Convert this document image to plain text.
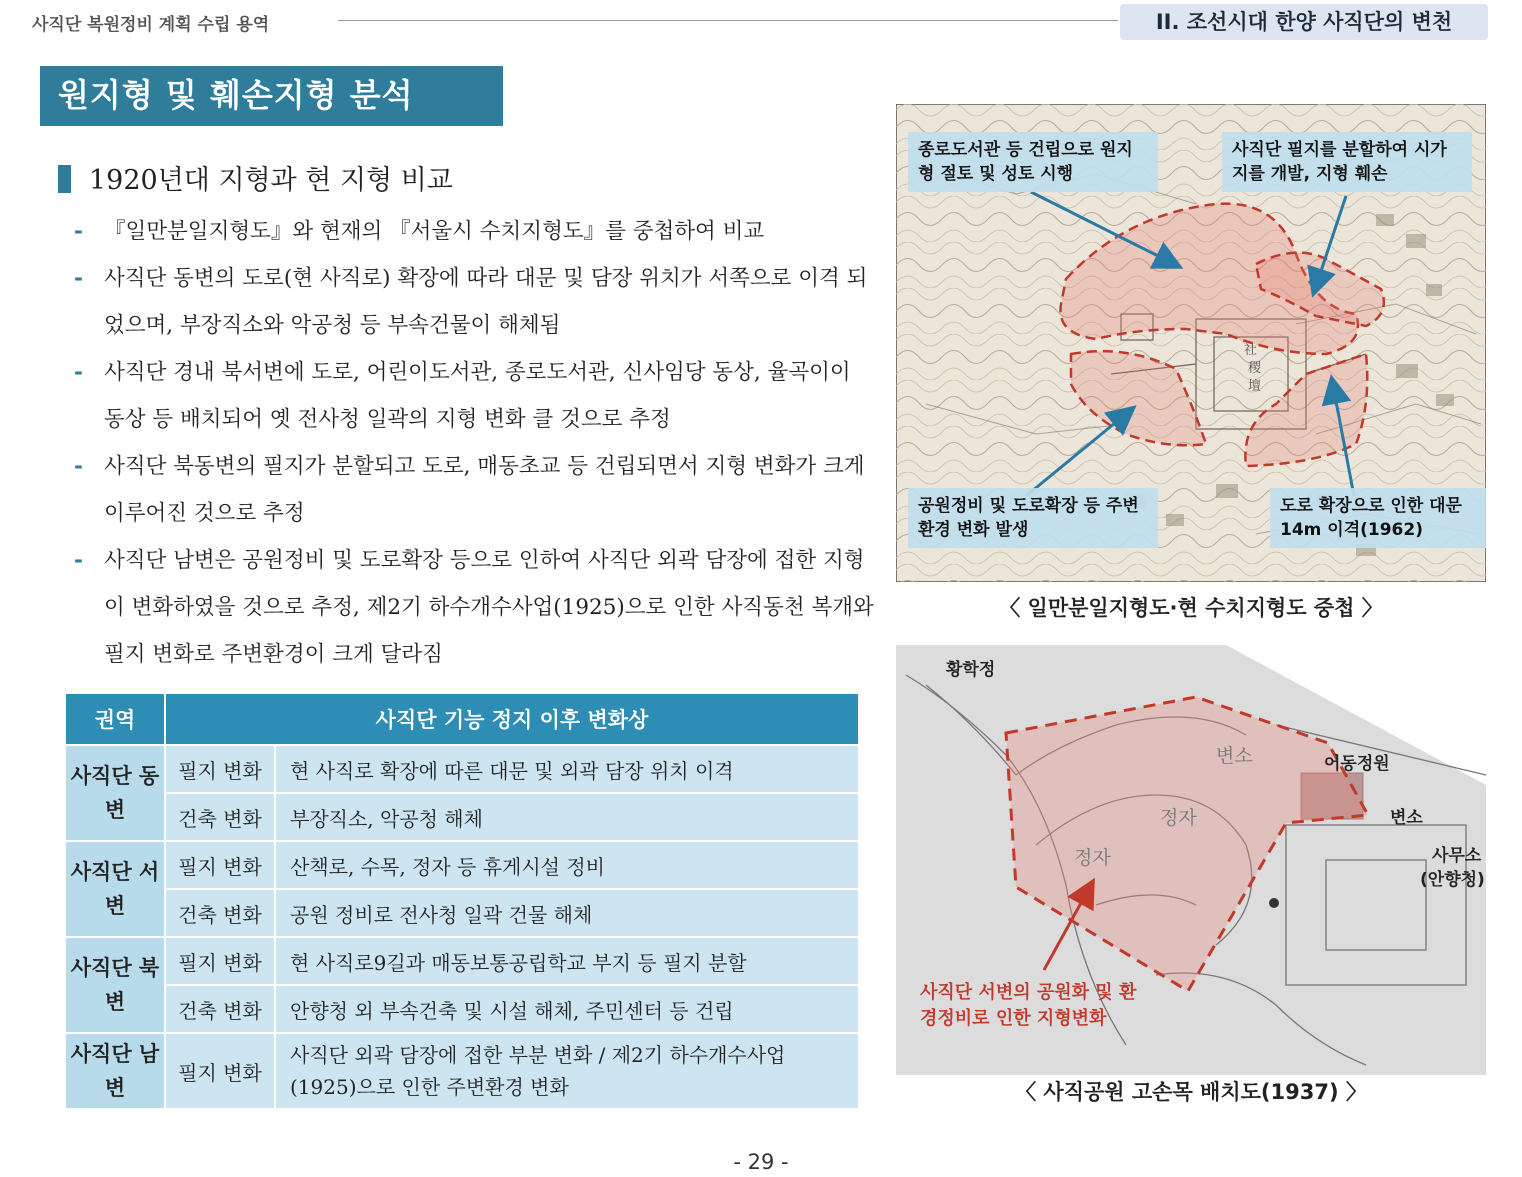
사직단 복원정비 계획 수립 용역	II. 조선시대 한양 사직단의 변천
원지형 및 훼손지형 분석
1920년대 지형과 현 지형 비교
- 『일만분일지형도』와 현재의 『서울시 수치지형도』를 중첩하여 비교
- 사직단 동변의 도로(현 사직로) 확장에 따라 대문 및 담장 위치가 서쪽으로 이격 되었으며, 부장직소와 악공청 등 부속건물이 해체됨
- 사직단 경내 북서변에 도로, 어린이도서관, 종로도서관, 신사임당 동상, 율곡이이 동상 등 배치되어 옛 전사청 일곽의 지형 변화 클 것으로 추정
- 사직단 북동변의 필지가 분할되고 도로, 매동초교 등 건립되면서 지형 변화가 크게 이루어진 것으로 추정
- 사직단 남변은 공원정비 및 도로확장 등으로 인하여 사직단 외곽 담장에 접한 지형이 변화하였을 것으로 추정, 제2기 하수개수사업(1925)으로 인한 사직동천 복개와 필지 변화로 주변환경이 크게 달라짐
권역	사직단 기능 정지 이후 변화상	
사직단 동변	필지 변화	현 사직로 확장에 따른 대문 및 외곽 담장 위치 이격
	건축 변화	부장직소, 악공청 해체
사직단 서변	필지 변화	산책로, 수목, 정자 등 휴게시설 정비
	건축 변화	공원 정비로 전사청 일곽 건물 해체
사직단 북변	필지 변화	현 사직로9길과 매동보통공립학교 부지 등 필지 분할
	건축 변화	안향청 외 부속건축 및 시설 해체, 주민센터 등 건립
사직단 남변	필지 변화	사직단 외곽 담장에 접한 부분 변화 / 제2기 하수개수사업(1925)으로 인한 주변환경 변화
社
稷
壇
종로도서관 등 건립으로 원지형 절토 및 성토 시행
사직단 필지를 분할하여 시가지를 개발, 지형 훼손
공원정비 및 도로확장 등 주변환경 변화 발생
도로 확장으로 인한 대문 14m 이격(1962)
〈 일만분일지형도·현 수치지형도 중첩 〉
황학정
변소
정자
정자
어동정원
변소
사무소
(안향청)
사직단 서변의 공원화 및 환경정비로 인한 지형변화
〈 사직공원 고손목 배치도(1937) 〉
- 29 -
